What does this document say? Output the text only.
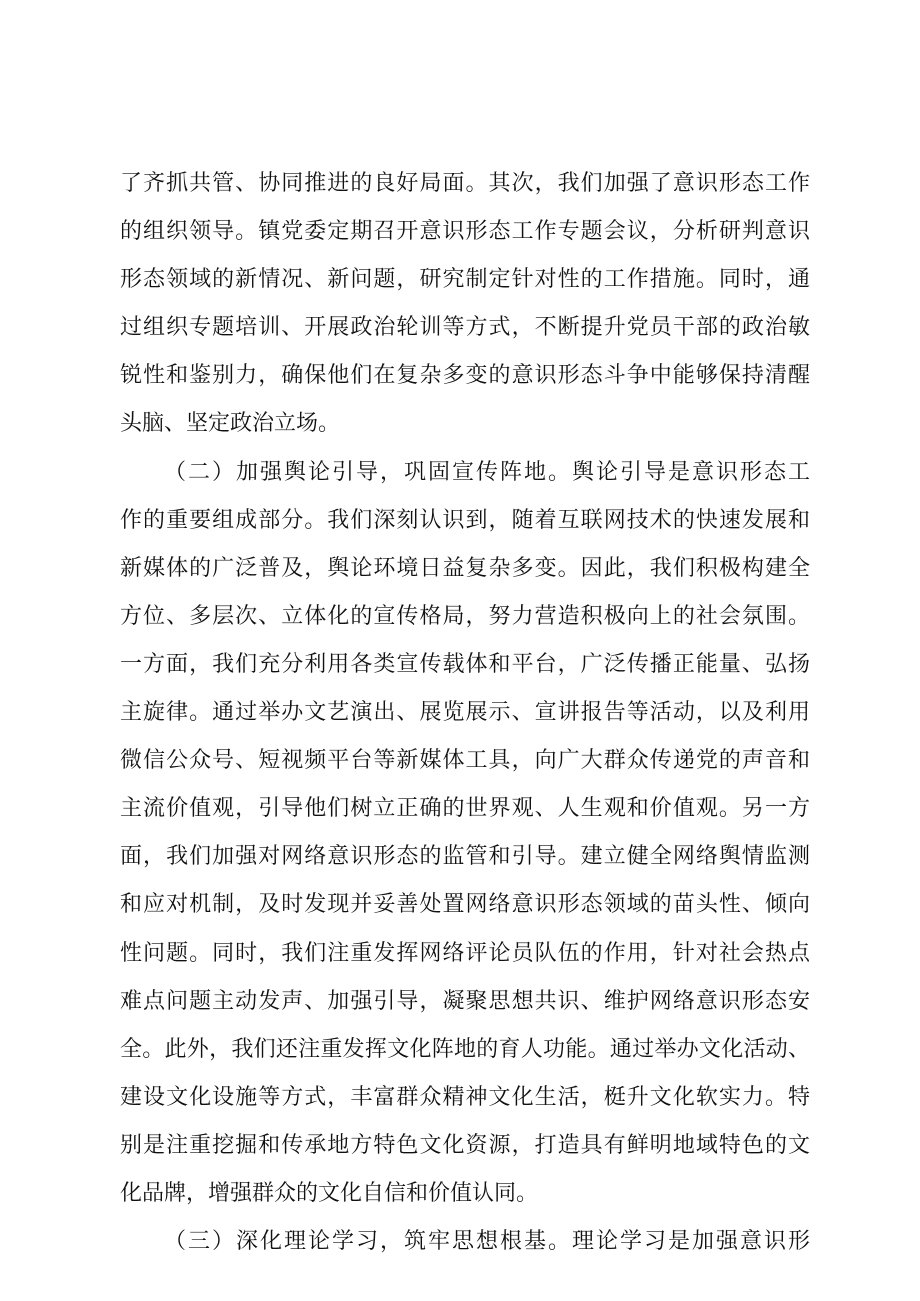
了齐抓共管、协同推进的良好局面。其次，我们加强了意识形态工作
的组织领导。镇党委定期召开意识形态工作专题会议，分析研判意识
形态领域的新情况、新问题，研究制定针对性的工作措施。同时，通
过组织专题培训、开展政治轮训等方式，不断提升党员干部的政治敏
锐性和鉴别力，确保他们在复杂多变的意识形态斗争中能够保持清醒
头脑、坚定政治立场。
（二）加强舆论引导，巩固宣传阵地。舆论引导是意识形态工
作的重要组成部分。我们深刻认识到，随着互联网技术的快速发展和
新媒体的广泛普及，舆论环境日益复杂多变。因此，我们积极构建全
方位、多层次、立体化的宣传格局，努力营造积极向上的社会氛围。
一方面，我们充分利用各类宣传载体和平台，广泛传播正能量、弘扬
主旋律。通过举办文艺演出、展览展示、宣讲报告等活动，以及利用
微信公众号、短视频平台等新媒体工具，向广大群众传递党的声音和
主流价值观，引导他们树立正确的世界观、人生观和价值观。另一方
面，我们加强对网络意识形态的监管和引导。建立健全网络舆情监测
和应对机制，及时发现并妥善处置网络意识形态领域的苗头性、倾向
性问题。同时，我们注重发挥网络评论员队伍的作用，针对社会热点
难点问题主动发声、加强引导，凝聚思想共识、维护网络意识形态安
全。此外，我们还注重发挥文化阵地的育人功能。通过举办文化活动、
建设文化设施等方式，丰富群众精神文化生活，梃升文化软实力。特
别是注重挖掘和传承地方特色文化资源，打造具有鲜明地域特色的文
化品牌，增强群众的文化自信和价值认同。
（三）深化理论学习，筑牢思想根基。理论学习是加强意识形
